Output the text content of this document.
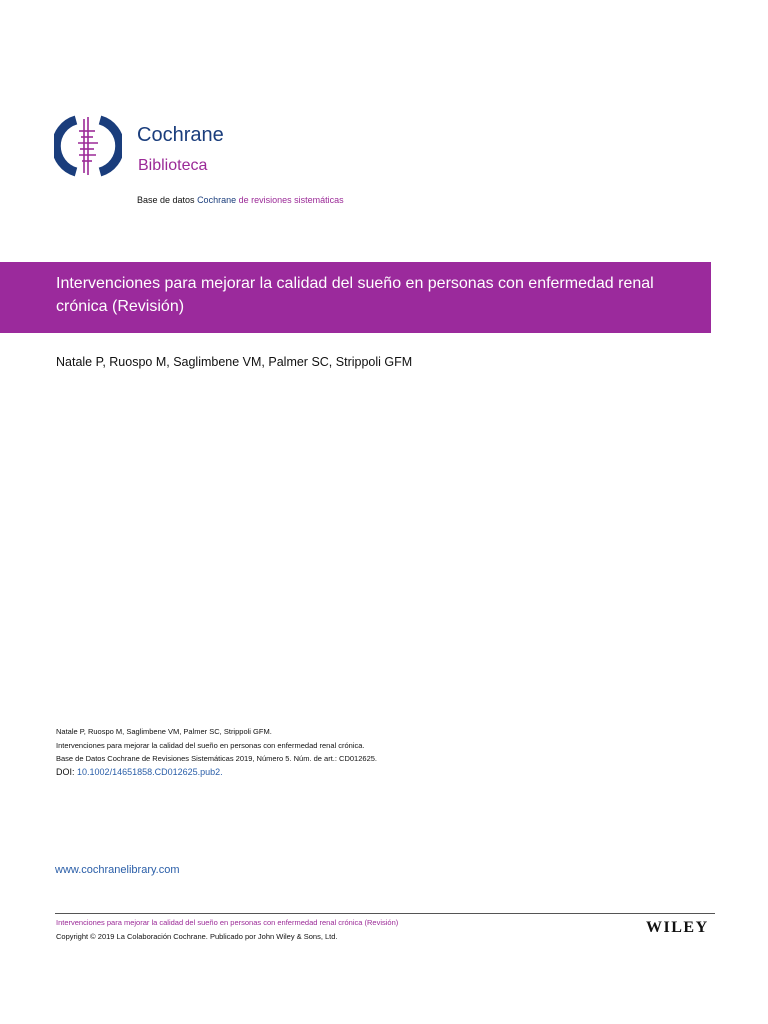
Cochrane
Biblioteca
Base de datos Cochrane de revisiones sistemáticas
Intervenciones para mejorar la calidad del sueño en personas con enfermedad renal crónica (Revisión)
Natale P, Ruospo M, Saglimbene VM, Palmer SC, Strippoli GFM
Natale P, Ruospo M, Saglimbene VM, Palmer SC, Strippoli GFM.
Intervenciones para mejorar la calidad del sueño en personas con enfermedad renal crónica.
Base de Datos Cochrane de Revisiones Sistemáticas 2019, Número 5. Núm. de art.: CD012625.
DOI: 10.1002/14651858.CD012625.pub2.
www.cochranelibrary.com
Intervenciones para mejorar la calidad del sueño en personas con enfermedad renal crónica (Revisión)
Copyright © 2019 La Colaboración Cochrane. Publicado por John Wiley & Sons, Ltd.
WILEY
